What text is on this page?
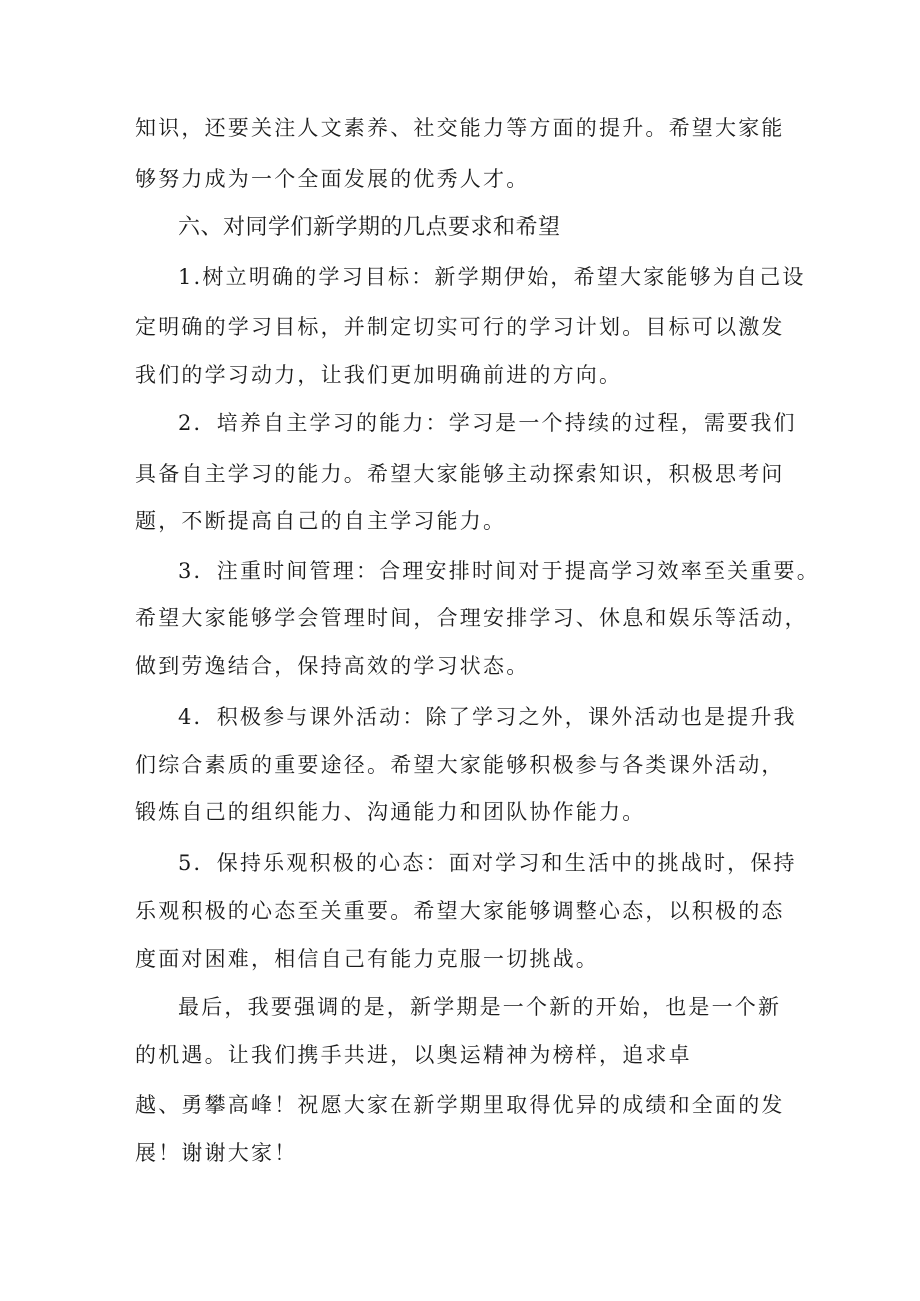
知识，还要关注人文素养、社交能力等方面的提升。希望大家能
够努力成为一个全面发展的优秀人才。
六、对同学们新学期的几点要求和希望
1.树立明确的学习目标：新学期伊始，希望大家能够为自己设
定明确的学习目标，并制定切实可行的学习计划。目标可以激发
我们的学习动力，让我们更加明确前进的方向。
2．培养自主学习的能力：学习是一个持续的过程，需要我们
具备自主学习的能力。希望大家能够主动探索知识，积极思考问
题，不断提高自己的自主学习能力。
3．注重时间管理：合理安排时间对于提高学习效率至关重要。
希望大家能够学会管理时间，合理安排学习、休息和娱乐等活动，
做到劳逸结合，保持高效的学习状态。
4．积极参与课外活动：除了学习之外，课外活动也是提升我
们综合素质的重要途径。希望大家能够积极参与各类课外活动，
锻炼自己的组织能力、沟通能力和团队协作能力。
5．保持乐观积极的心态：面对学习和生活中的挑战时，保持
乐观积极的心态至关重要。希望大家能够调整心态，以积极的态
度面对困难，相信自己有能力克服一切挑战。
最后，我要强调的是，新学期是一个新的开始，也是一个新
的机遇。让我们携手共进，以奥运精神为榜样，追求卓
越、勇攀高峰！祝愿大家在新学期里取得优异的成绩和全面的发
展！谢谢大家！
